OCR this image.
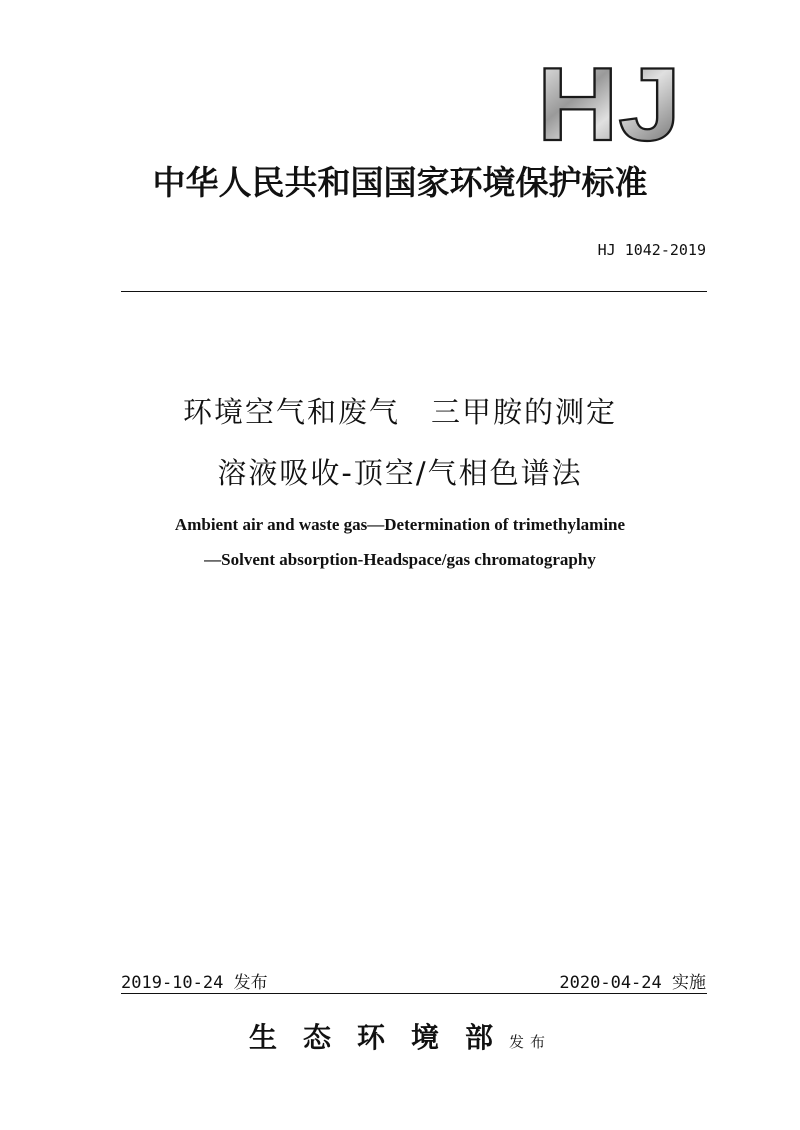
HJ
中华人民共和国国家环境保护标准
HJ 1042-2019
环境空气和废气　三甲胺的测定
溶液吸收-顶空/气相色谱法
Ambient air and waste gas—Determination of trimethylamine
—Solvent absorption-Headspace/gas chromatography
2019-10-24 发布	2020-04-24 实施
生态环境部发布
